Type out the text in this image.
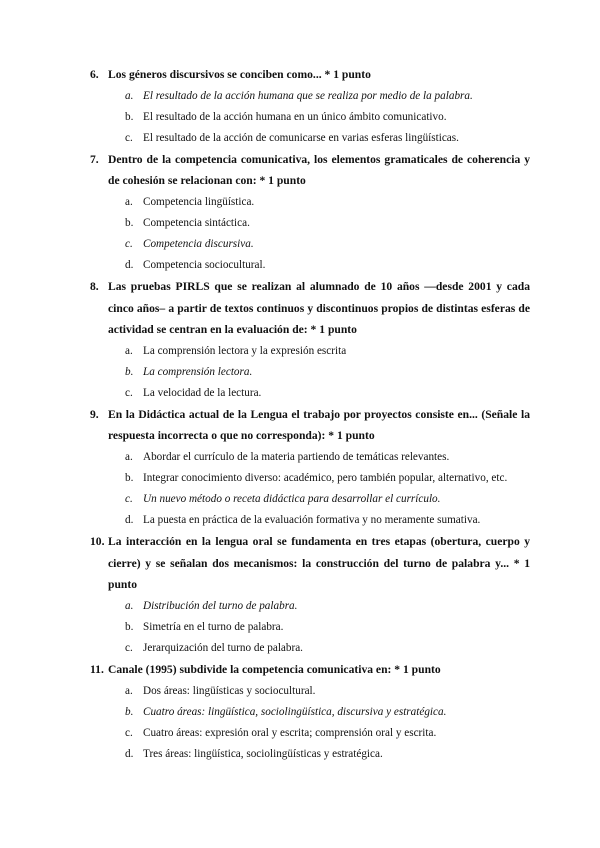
6. Los géneros discursivos se conciben como... * 1 punto
a. El resultado de la acción humana que se realiza por medio de la palabra.
b. El resultado de la acción humana en un único ámbito comunicativo.
c. El resultado de la acción de comunicarse en varias esferas lingüísticas.
7. Dentro de la competencia comunicativa, los elementos gramaticales de coherencia y de cohesión se relacionan con: * 1 punto
a. Competencia lingüística.
b. Competencia sintáctica.
c. Competencia discursiva.
d. Competencia sociocultural.
8. Las pruebas PIRLS que se realizan al alumnado de 10 años —desde 2001 y cada cinco años– a partir de textos continuos y discontinuos propios de distintas esferas de actividad se centran en la evaluación de: * 1 punto
a. La comprensión lectora y la expresión escrita
b. La comprensión lectora.
c. La velocidad de la lectura.
9. En la Didáctica actual de la Lengua el trabajo por proyectos consiste en... (Señale la respuesta incorrecta o que no corresponda): * 1 punto
a. Abordar el currículo de la materia partiendo de temáticas relevantes.
b. Integrar conocimiento diverso: académico, pero también popular, alternativo, etc.
c. Un nuevo método o receta didáctica para desarrollar el currículo.
d. La puesta en práctica de la evaluación formativa y no meramente sumativa.
10. La interacción en la lengua oral se fundamenta en tres etapas (obertura, cuerpo y cierre) y se señalan dos mecanismos: la construcción del turno de palabra y... * 1 punto
a. Distribución del turno de palabra.
b. Simetría en el turno de palabra.
c. Jerarquización del turno de palabra.
11. Canale (1995) subdivide la competencia comunicativa en: * 1 punto
a. Dos áreas: lingüísticas y sociocultural.
b. Cuatro áreas: lingüística, sociolingüística, discursiva y estratégica.
c. Cuatro áreas: expresión oral y escrita; comprensión oral y escrita.
d. Tres áreas: lingüística, sociolingüísticas y estratégica.
